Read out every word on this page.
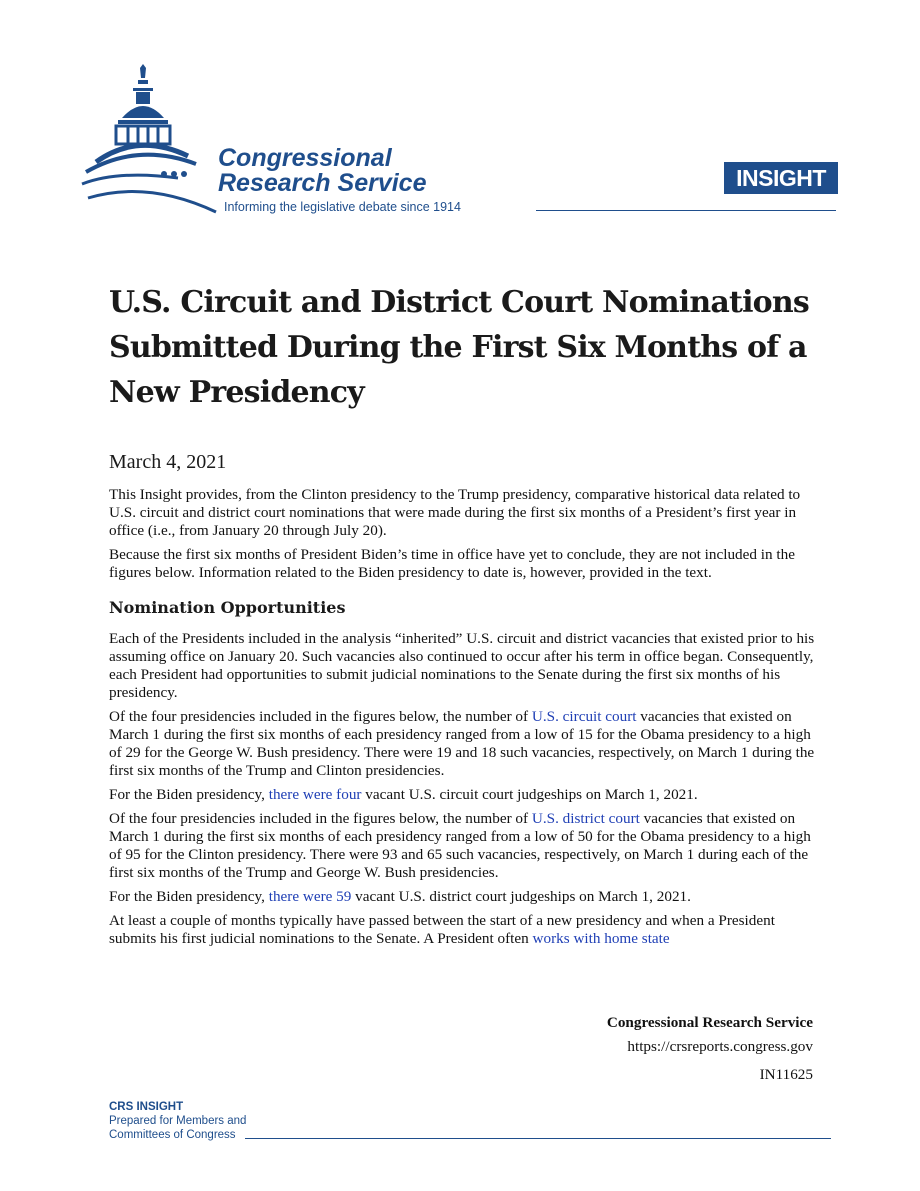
Congressional
Research Service
Informing the legislative debate since 1914
INSIGHT
U.S. Circuit and District Court Nominations Submitted During the First Six Months of a New Presidency
March 4, 2021

This Insight provides, from the Clinton presidency to the Trump presidency, comparative historical data related to U.S. circuit and district court nominations that were made during the first six months of a President’s first year in office (i.e., from January 20 through July 20).

Because the first six months of President Biden’s time in office have yet to conclude, they are not included in the figures below. Information related to the Biden presidency to date is, however, provided in the text.

Nomination Opportunities

Each of the Presidents included in the analysis “inherited” U.S. circuit and district vacancies that existed prior to his assuming office on January 20. Such vacancies also continued to occur after his term in office began. Consequently, each President had opportunities to submit judicial nominations to the Senate during the first six months of his presidency.

Of the four presidencies included in the figures below, the number of U.S. circuit court vacancies that existed on March 1 during the first six months of each presidency ranged from a low of 15 for the Obama presidency to a high of 29 for the George W. Bush presidency. There were 19 and 18 such vacancies, respectively, on March 1 during the first six months of the Trump and Clinton presidencies.

For the Biden presidency, there were four vacant U.S. circuit court judgeships on March 1, 2021.

Of the four presidencies included in the figures below, the number of U.S. district court vacancies that existed on March 1 during the first six months of each presidency ranged from a low of 50 for the Obama presidency to a high of 95 for the Clinton presidency. There were 93 and 65 such vacancies, respectively, on March 1 during each of the first six months of the Trump and George W. Bush presidencies.

For the Biden presidency, there were 59 vacant U.S. district court judgeships on March 1, 2021.

At least a couple of months typically have passed between the start of a new presidency and when a President submits his first judicial nominations to the Senate. A President often works with home state

Congressional Research Service
https://crsreports.congress.gov
IN11625
CRS INSIGHT
Prepared for Members and
Committees of Congress
